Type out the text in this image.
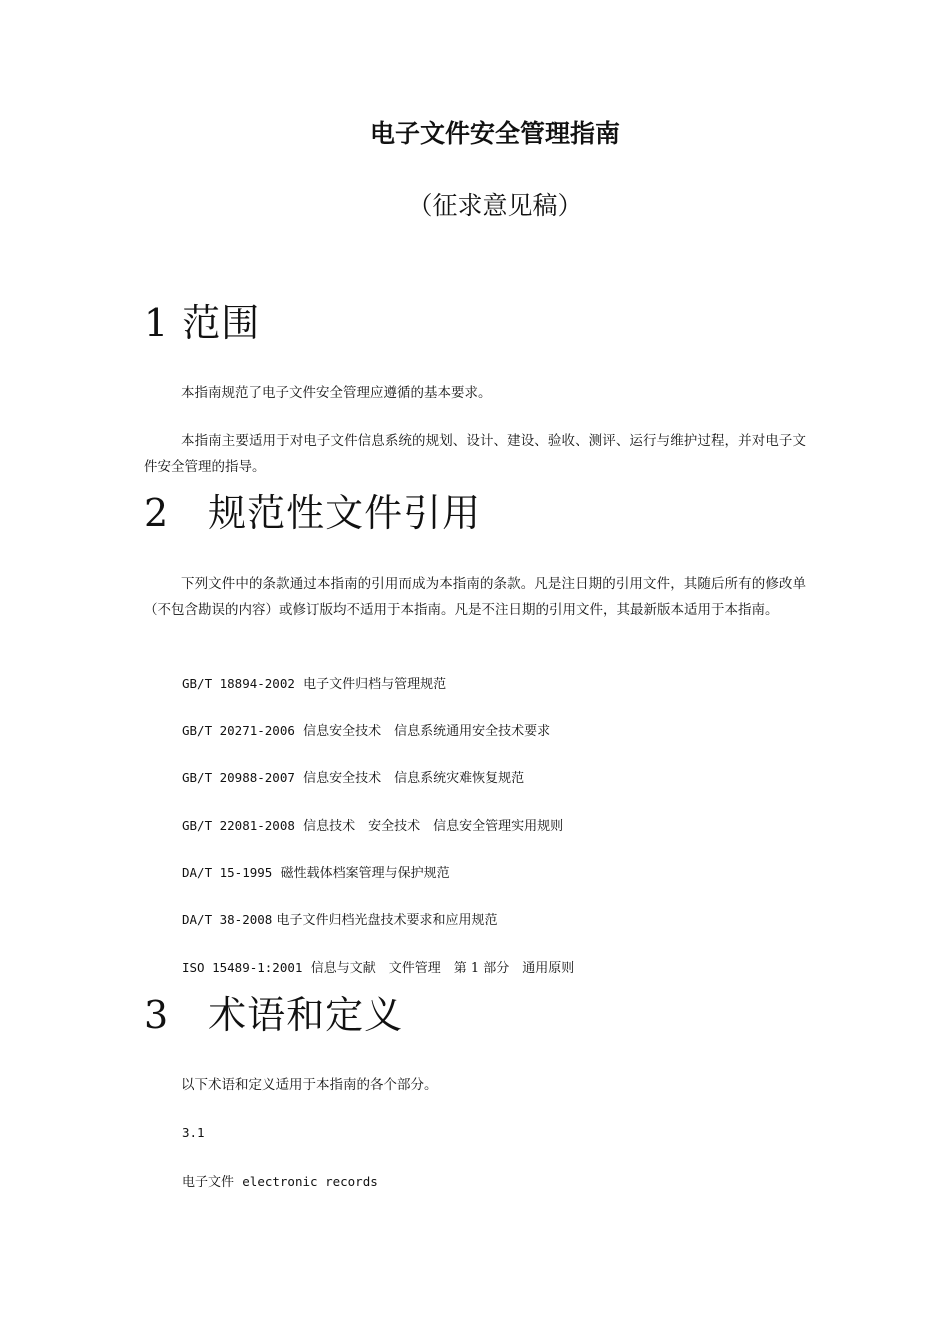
电子文件安全管理指南
（征求意见稿）
1 范围

本指南规范了电子文件安全管理应遵循的基本要求。

本指南主要适用于对电子文件信息系统的规划、设计、建设、验收、测评、运行与维护过程，并对电子文件安全管理的指导。

2　规范性文件引用

下列文件中的条款通过本指南的引用而成为本指南的条款。凡是注日期的引用文件，其随后所有的修改单（不包含勘误的内容）或修订版均不适用于本指南。凡是不注日期的引用文件，其最新版本适用于本指南。

GB/T 18894-2002 电子文件归档与管理规范
GB/T 20271-2006 信息安全技术　信息系统通用安全技术要求
GB/T 20988-2007 信息安全技术　信息系统灾难恢复规范
GB/T 22081-2008 信息技术　安全技术　信息安全管理实用规则
DA/T 15-1995 磁性载体档案管理与保护规范
DA/T 38-2008 电子文件归档光盘技术要求和应用规范
ISO 15489-1:2001 信息与文献　文件管理　第 1 部分　通用原则
3　术语和定义

以下术语和定义适用于本指南的各个部分。

3.1
电子文件 electronic records
